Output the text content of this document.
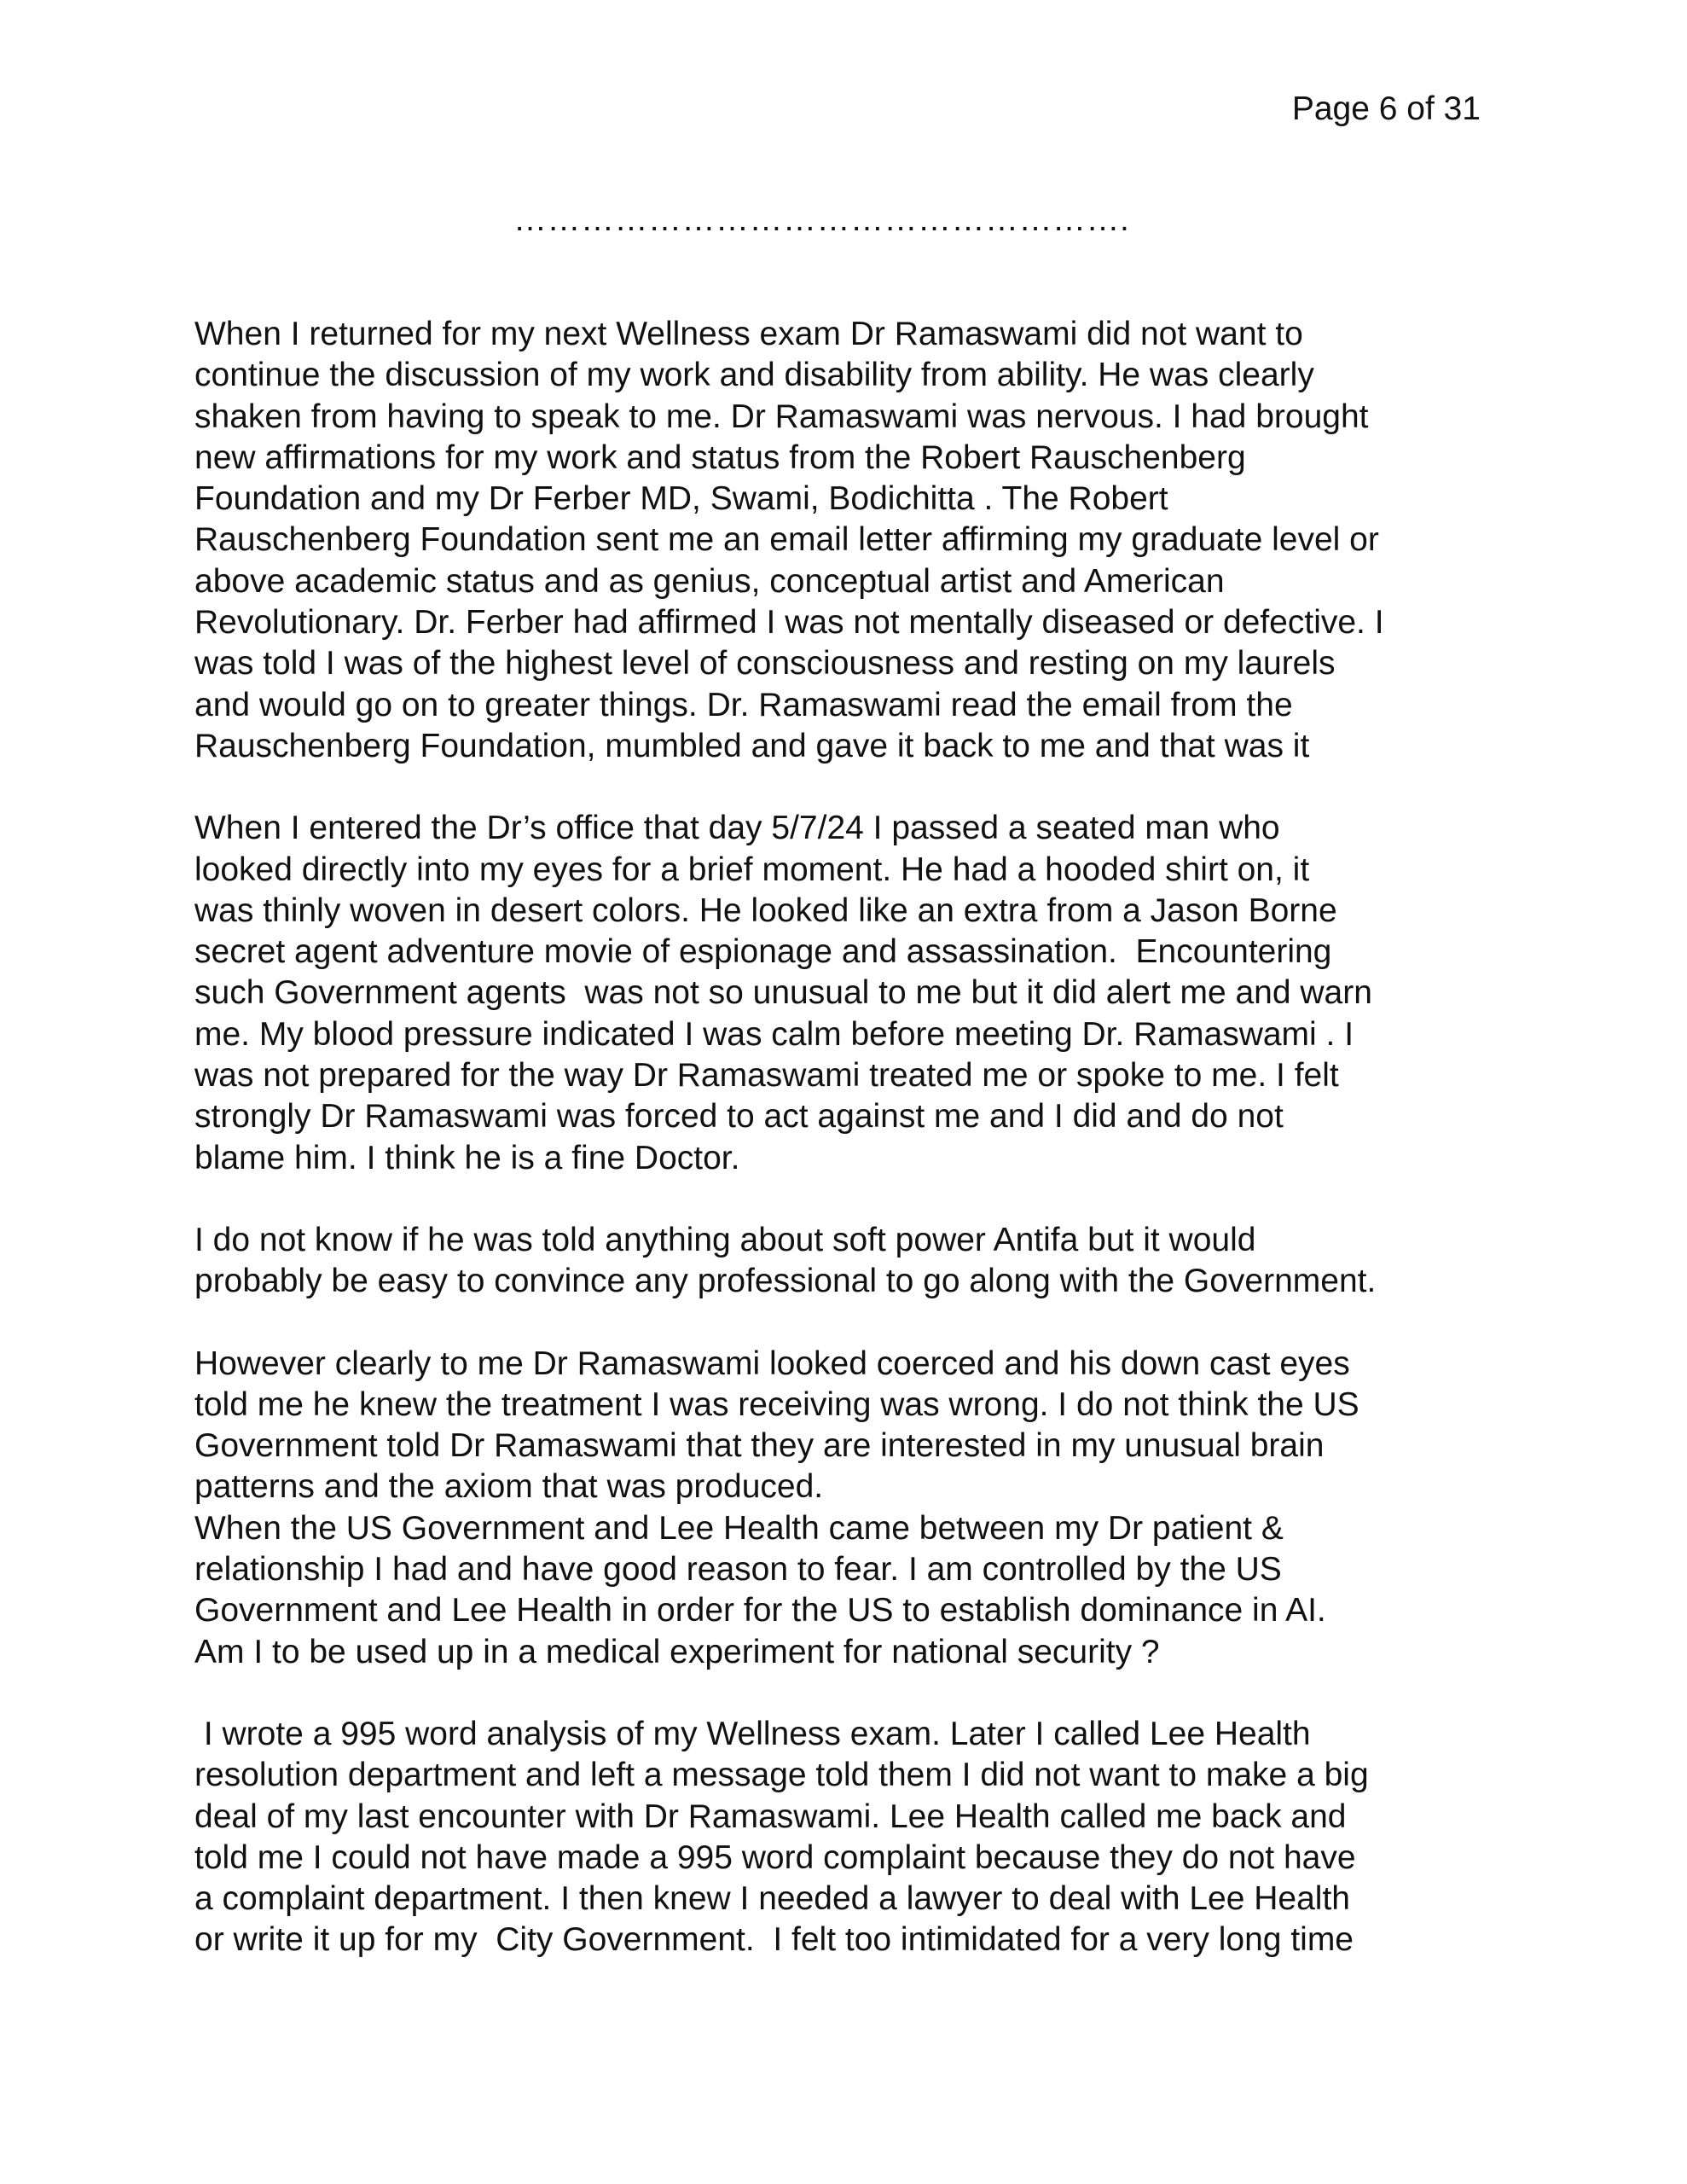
Page 6 of 31
……………………………………………….
When I returned for my next Wellness exam Dr Ramaswami did not want to
continue the discussion of my work and disability from ability. He was clearly
shaken from having to speak to me. Dr Ramaswami was nervous. I had brought
new affirmations for my work and status from the Robert Rauschenberg
Foundation and my Dr Ferber MD, Swami, Bodichitta . The Robert
Rauschenberg Foundation sent me an email letter affirming my graduate level or
above academic status and as genius, conceptual artist and American
Revolutionary. Dr. Ferber had affirmed I was not mentally diseased or defective. I
was told I was of the highest level of consciousness and resting on my laurels
and would go on to greater things. Dr. Ramaswami read the email from the
Rauschenberg Foundation, mumbled and gave it back to me and that was it
When I entered the Dr’s office that day 5/7/24 I passed a seated man who
looked directly into my eyes for a brief moment. He had a hooded shirt on, it
was thinly woven in desert colors. He looked like an extra from a Jason Borne
secret agent adventure movie of espionage and assassination.  Encountering
such Government agents  was not so unusual to me but it did alert me and warn
me. My blood pressure indicated I was calm before meeting Dr. Ramaswami . I
was not prepared for the way Dr Ramaswami treated me or spoke to me. I felt
strongly Dr Ramaswami was forced to act against me and I did and do not
blame him. I think he is a fine Doctor.
I do not know if he was told anything about soft power Antifa but it would
probably be easy to convince any professional to go along with the Government.
However clearly to me Dr Ramaswami looked coerced and his down cast eyes
told me he knew the treatment I was receiving was wrong. I do not think the US
Government told Dr Ramaswami that they are interested in my unusual brain
patterns and the axiom that was produced.
When the US Government and Lee Health came between my Dr patient &
relationship I had and have good reason to fear. I am controlled by the US
Government and Lee Health in order for the US to establish dominance in AI.
Am I to be used up in a medical experiment for national security ?
I wrote a 995 word analysis of my Wellness exam. Later I called Lee Health
resolution department and left a message told them I did not want to make a big
deal of my last encounter with Dr Ramaswami. Lee Health called me back and
told me I could not have made a 995 word complaint because they do not have
a complaint department. I then knew I needed a lawyer to deal with Lee Health
or write it up for my  City Government.  I felt too intimidated for a very long time
